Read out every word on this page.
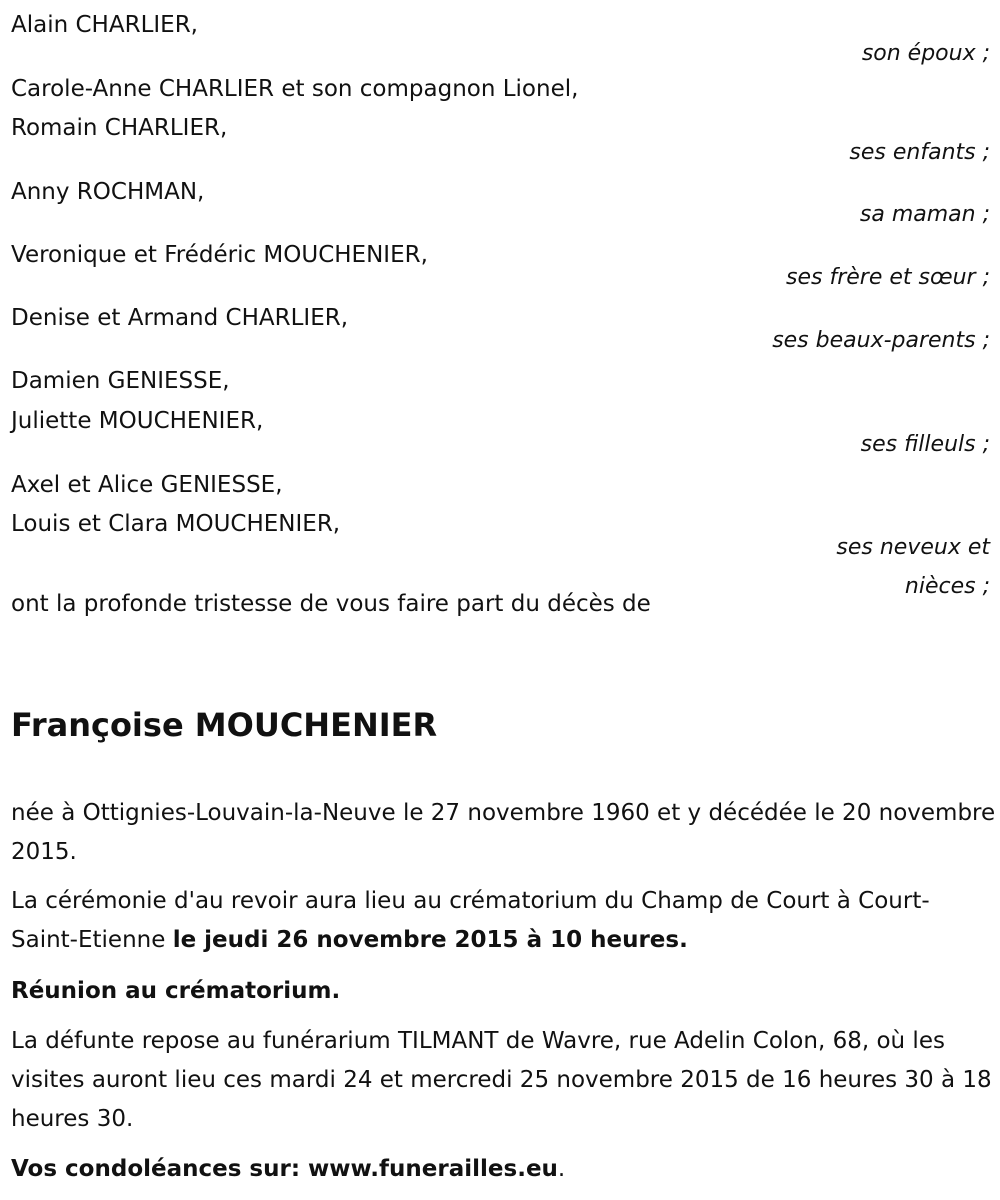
Alain CHARLIER,
son époux ;
Carole-Anne CHARLIER et son compagnon Lionel,
Romain CHARLIER,
ses enfants ;
Anny ROCHMAN,
sa maman ;
Veronique et Frédéric MOUCHENIER,
ses frère et sœur ;
Denise et Armand CHARLIER,
ses beaux-parents ;
Damien GENIESSE,
Juliette MOUCHENIER,
ses filleuls ;
Axel et Alice GENIESSE,
Louis et Clara MOUCHENIER,
ses neveux et
nièces ;
ont la profonde tristesse de vous faire part du décès de
Françoise MOUCHENIER
née à Ottignies-Louvain-la-Neuve le 27 novembre 1960 et y décédée le 20 novembre 2015.
La cérémonie d'au revoir aura lieu au crématorium du Champ de Court à Court-Saint-Etienne le jeudi 26 novembre 2015 à 10 heures.
Réunion au crématorium.
La défunte repose au funérarium TILMANT de Wavre, rue Adelin Colon, 68, où les visites auront lieu ces mardi 24 et mercredi 25 novembre 2015 de 16 heures 30 à 18 heures 30.
Vos condoléances sur: www.funerailles.eu.
